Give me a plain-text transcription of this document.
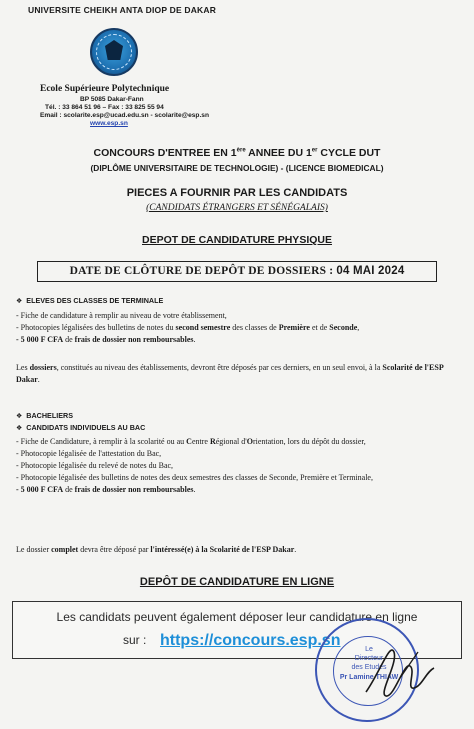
UNIVERSITE CHEIKH ANTA DIOP DE DAKAR
Ecole Supérieure Polytechnique
BP 5085 Dakar-Fann
Tél. : 33 864 51 96 – Fax : 33 825 55 94
Email : scolarite.esp@ucad.edu.sn - scolarite@esp.sn
www.esp.sn
CONCOURS D'ENTREE EN 1ère ANNEE DU 1er CYCLE DUT
(DIPLÔME UNIVERSITAIRE DE TECHNOLOGIE) - (LICENCE BIOMEDICAL)
PIECES A FOURNIR PAR LES CANDIDATS
(CANDIDATS ÉTRANGERS ET SÉNÉGALAIS)
DEPOT DE CANDIDATURE PHYSIQUE
DATE DE CLÔTURE DE DEPÔT DE DOSSIERS : 04 MAI 2024
❖ ELEVES DES CLASSES DE TERMINALE
- Fiche de candidature à remplir au niveau de votre établissement,
- Photocopies légalisées des bulletins de notes du second semestre des classes de Première et de Seconde,
- 5 000 F CFA de frais de dossier non remboursables.
Les dossiers, constitués au niveau des établissements, devront être déposés par ces derniers, en un seul envoi, à la Scolarité de l'ESP Dakar.
❖ BACHELIERS
❖ CANDIDATS INDIVIDUELS AU BAC
- Fiche de Candidature, à remplir à la scolarité ou au Centre Régional d'Orientation, lors du dépôt du dossier,
- Photocopie légalisée de l'attestation du Bac,
- Photocopie légalisée du relevé de notes du Bac,
- Photocopie légalisée des bulletins de notes des deux semestres des classes de Seconde, Première et Terminale,
- 5 000 F CFA de frais de dossier non remboursables.
Le dossier complet devra être déposé par l'intéressé(e) à la Scolarité de l'ESP Dakar.
DEPÔT DE CANDIDATURE EN LIGNE
Les candidats peuvent également déposer leur candidature en ligne
sur : https://concours.esp.sn
Le
Directeur
des Etudes
Pr Lamine THIAW
